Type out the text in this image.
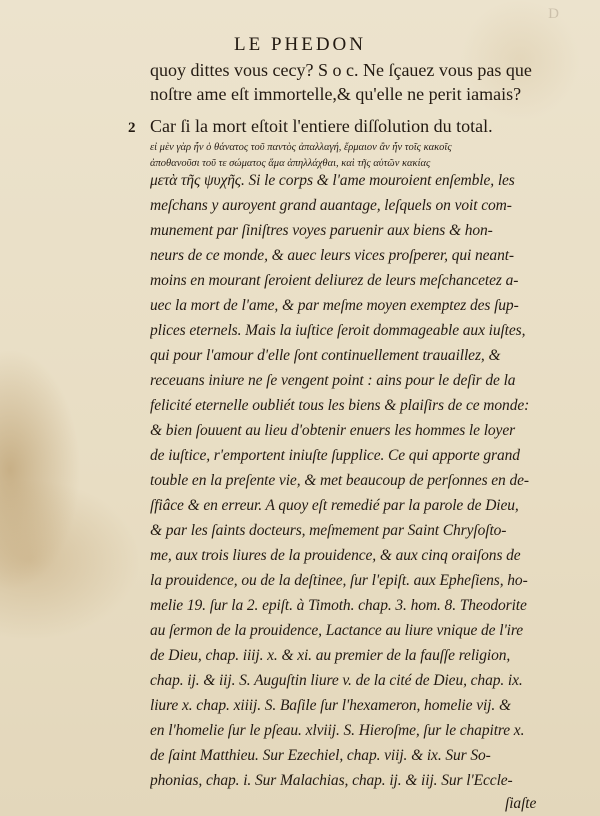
D
LE PHEDON
2
quoy dittes vous cecy? S o c. Ne ſçauez vous pas que
noſtre ame eſt immortelle,& qu'elle ne perit iamais?
Car ſi la mort eſtoit l'entiere diſſolution du total.
εἰ μὲν γὰρ ἦν ὁ θάνατος τοῦ παντὸς ἀπαλλαγή, ἕρμαιον ἂν ἦν τοῖς κακοῖς
ἀποθανοῦσι τοῦ τε σώματος ἅμα ἀπηλλάχθαι, καὶ τῆς αὑτῶν κακίας
μετὰ τῆς ψυχῆς. Si le corps & l'ame mouroient enſemble, les
meſchans y auroyent grand auantage, leſquels on voit com-
munement par ſiniſtres voyes paruenir aux biens & hon-
neurs de ce monde, & auec leurs vices proſperer, qui neant-
moins en mourant ſeroient deliurez de leurs meſchancetez a-
uec la mort de l'ame, & par meſme moyen exemptez des ſup-
plices eternels. Mais la iuſtice ſeroit dommageable aux iuſtes,
qui pour l'amour d'elle ſont continuellement trauaillez, &
receuans iniure ne ſe vengent point : ains pour le deſir de la
felicité eternelle oubliét tous les biens & plaiſirs de ce monde:
& bien ſouuent au lieu d'obtenir enuers les hommes le loyer
de iuſtice, r'emportent iniuſte ſupplice. Ce qui apporte grand
touble en la preſente vie, & met beaucoup de perſonnes en de-
ſfiâce & en erreur. A quoy eſt remedié par la parole de Dieu,
& par les ſaints docteurs, meſmement par Saint Chryſoſto-
me, aux trois liures de la prouidence, & aux cinq oraiſons de
la prouidence, ou de la deſtinee, ſur l'epiſt. aux Epheſiens, ho-
melie 19. ſur la 2. epiſt. à Timoth. chap. 3. hom. 8. Theodorite
au ſermon de la prouidence, Lactance au liure vnique de l'ire
de Dieu, chap. iiij. x. & xi. au premier de la fauſſe religion,
chap. ij. & iij. S. Auguſtin liure v. de la cité de Dieu, chap. ix.
liure x. chap. xiiij. S. Baſile ſur l'hexameron, homelie vij. &
en l'homelie ſur le pſeau. xlviij. S. Hieroſme, ſur le chapitre x.
de ſaint Matthieu. Sur Ezechiel, chap. viij. & ix. Sur So-
phonias, chap. i. Sur Malachias, chap. ij. & iij. Sur l'Eccle-
ſiaſte
